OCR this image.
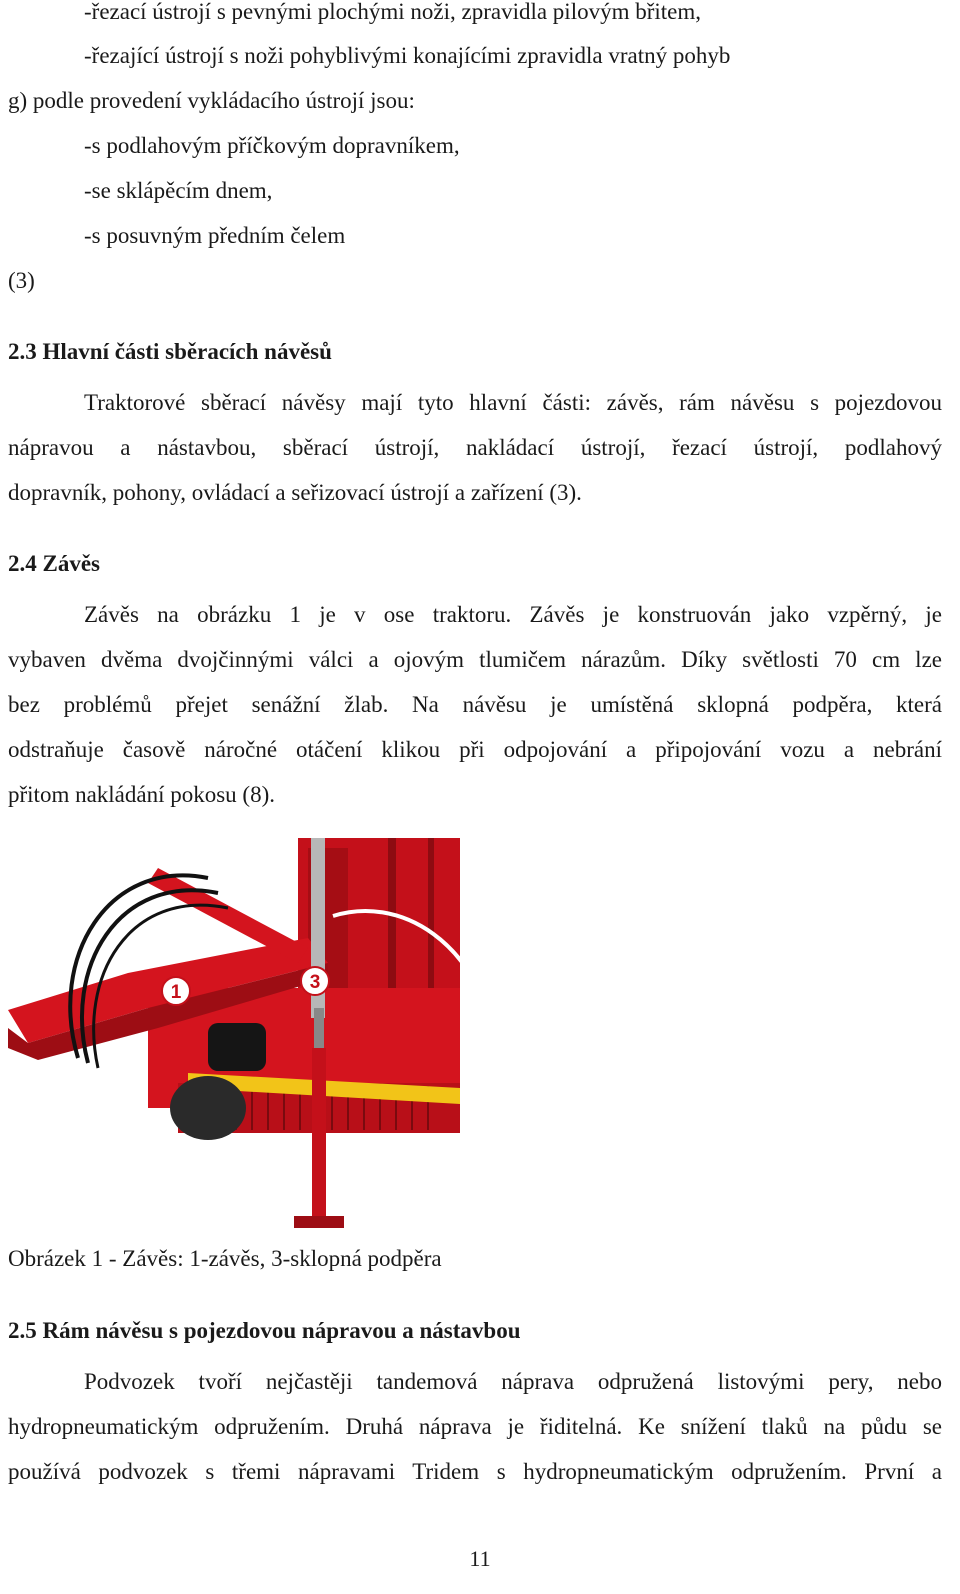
-řezací ústrojí s pevnými plochými noži, zpravidla pilovým břitem,
-řezající ústrojí s noži pohyblivými konajícími zpravidla vratný pohyb
g) podle provedení vykládacího ústrojí jsou:
-s podlahovým příčkovým dopravníkem,
-se sklápěcím dnem,
-s posuvným předním čelem
(3)
2.3 Hlavní části sběracích návěsů
Traktorové sběrací návěsy mají tyto hlavní části: závěs, rám návěsu s pojezdovou
nápravou a nástavbou, sběrací ústrojí, nakládací ústrojí, řezací ústrojí, podlahový
dopravník, pohony, ovládací a seřizovací ústrojí a zařízení (3).
2.4 Závěs
Závěs na obrázku 1 je v ose traktoru. Závěs je konstruován jako vzpěrný, je
vybaven dvěma dvojčinnými válci a ojovým tlumičem nárazům. Díky světlosti 70 cm lze
bez problémů přejet senážní žlab. Na návěsu je umístěná sklopná podpěra, která
odstraňuje časově náročné otáčení klikou při odpojování a připojování vozu a nebrání
přitom nakládání pokosu (8).
1	3
Obrázek 1 - Závěs: 1-závěs, 3-sklopná podpěra
2.5 Rám návěsu s pojezdovou nápravou a nástavbou
Podvozek tvoří nejčastěji tandemová náprava odpružená listovými pery, nebo
hydropneumatickým odpružením. Druhá náprava je řiditelná. Ke snížení tlaků na půdu se
používá podvozek s třemi nápravami Tridem s hydropneumatickým odpružením. První a
11
